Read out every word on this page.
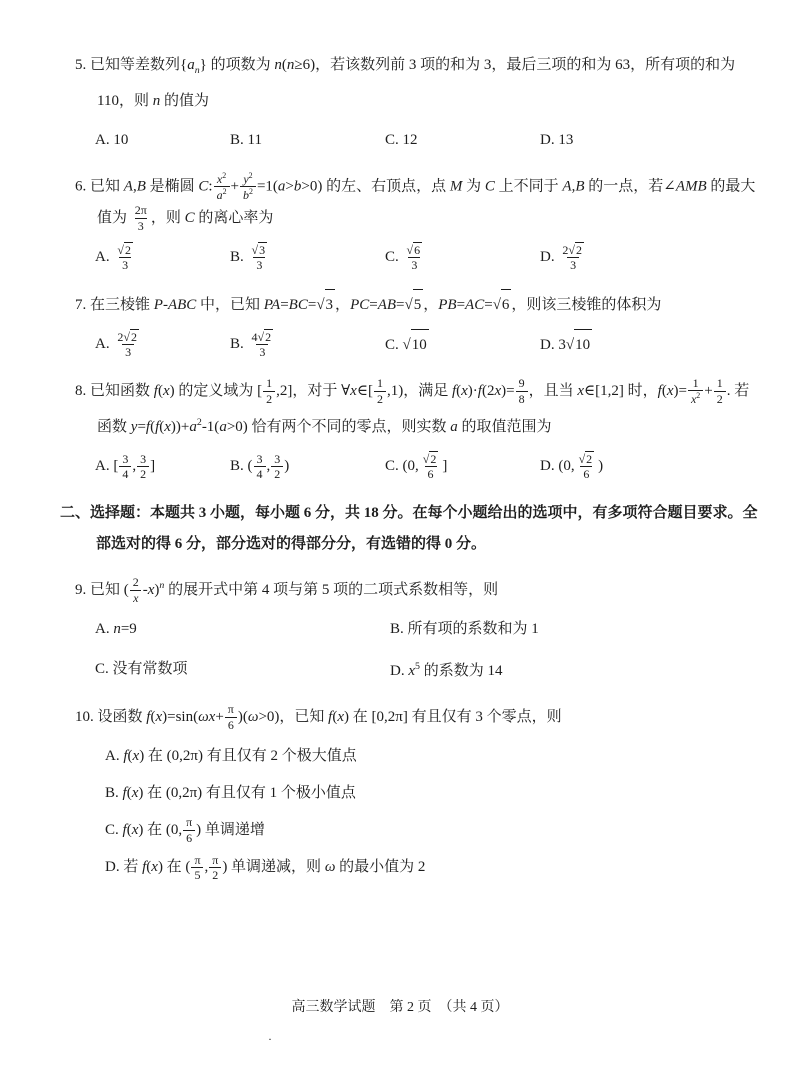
5. 已知等差数列$\{a_n\}$ 的项数为 n(n≥6)，若该数列前 3 项的和为 3，最后三项的和为 63，所有项的和为 110，则 n 的值为

A. 10	B. 11	C. 12	D. 13

6. 已知 A,B 是椭圆 C: $\frac{x^2}{a^2} + \frac{y^2}{b^2} =1(a>b>0)$ 的左、右顶点，点 M 为 C 上不同于 A,B 的一点，若∠AMB 的最大值为 $\frac{2\pi}{3}$ ，则 C 的离心率为

A. $\frac{√2}{3}$	B. $\frac{√3}{3}$	C. $\frac{√6}{3}$	D. $\frac{2√2}{3}$

7. 在三棱锥 P-ABC 中，已知 PA=BC=√3 ，PC=AB=√5 ，PB=AC=√6 ，则该三棱锥的体积为

A. $\frac{2√2}{3}$	B. $\frac{4√2}{3}$	C. √10	D. 3√10

8. 已知函数 f(x) 的定义域为 [ $\frac{1}{2} ,2$]，对于 ∀x∈[ $\frac{1}{2} ,1$)，满足 $f(x)\cdot f(2x)= \frac{9}{8}$ ，且当 x∈[1,2] 时，$f(x)= \frac{1}{x^2} + \frac{1}{2}$ . 若函数 $y=f(f(x))+a^2-1(a>0)$ 恰有两个不同的零点，则实数 a 的取值范围为

A. [ $\frac{3}{4}$ , $\frac{3}{2}$ ]	B. ( $\frac{3}{4}$ , $\frac{3}{2}$ )	C. (0, $\frac{√2}{6}$ ]	D. (0, $\frac{√2}{6}$ )

二、选择题：本题共 3 小题，每小题 6 分，共 18 分。在每个小题给出的选项中，有多项符合题目要求。全部选对的得 6 分，部分选对的得部分分，有选错的得 0 分。

9. 已知 ( $\frac{2}{x} -x)^n$ 的展开式中第 4 项与第 5 项的二项式系数相等，则

A. n=9	B. 所有项的系数和为 1
C. 没有常数项	D. $x^5$ 的系数为 14

10. 设函数 $f(x)=\sin(\omega x+ \frac{\pi}{6} )(\omega>0)$，已知 f(x) 在 [0,2π] 有且仅有 3 个零点，则

A. f(x) 在 (0,2π) 有且仅有 2 个极大值点
B. f(x) 在 (0,2π) 有且仅有 1 个极小值点
C. f(x) 在 (0, $\frac{\pi}{6}$ ) 单调递增
D. 若 f(x) 在 ( $\frac{\pi}{5}$ , $\frac{\pi}{2}$ ) 单调递减，则 ω 的最小值为 2
高三数学试题　第 2 页　（共 4 页）
·
